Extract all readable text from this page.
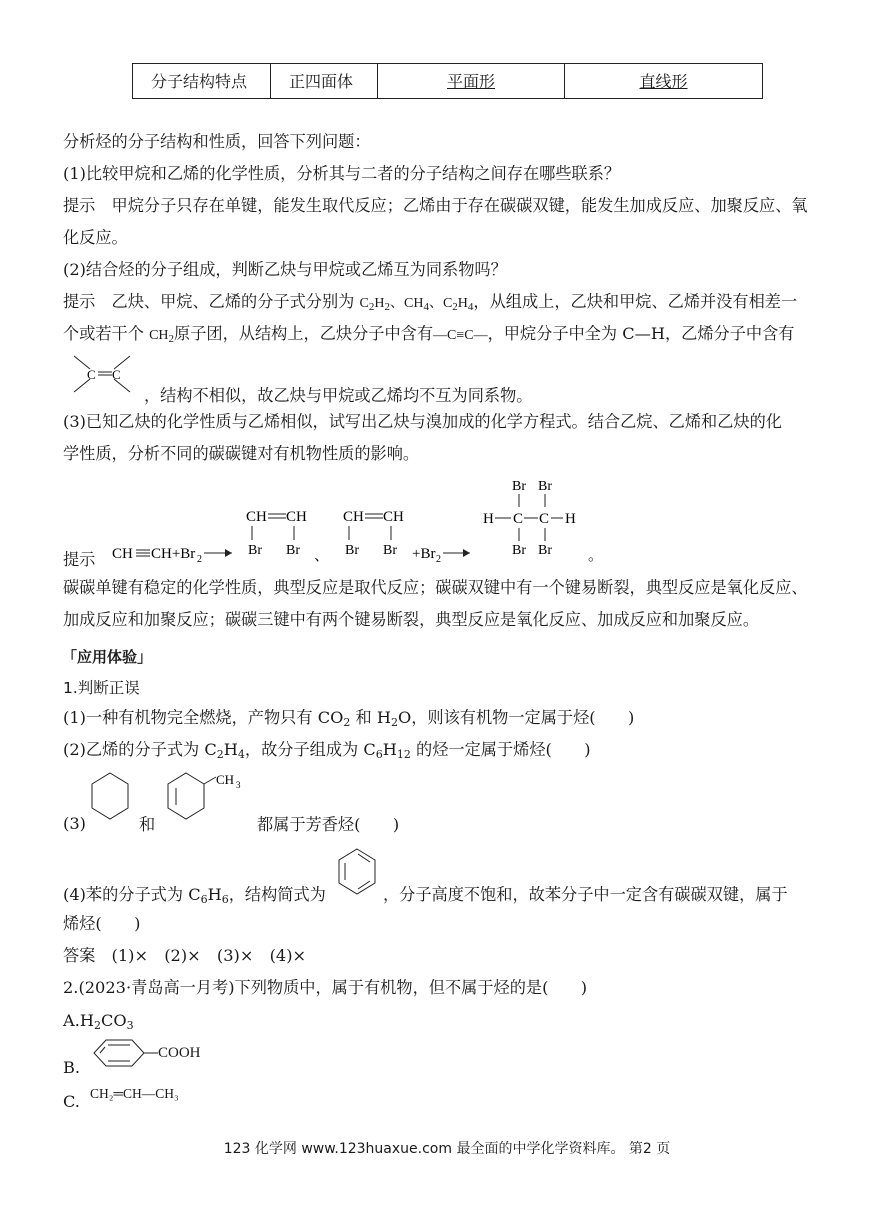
分子结构特点	正四面体	平面形	直线形
分析烃的分子结构和性质，回答下列问题：
(1)比较甲烷和乙烯的化学性质，分析其与二者的分子结构之间存在哪些联系？
提示　甲烷分子只存在单键，能发生取代反应；乙烯由于存在碳碳双键，能发生加成反应、加聚反应、氧
化反应。
(2)结合烃的分子组成，判断乙炔与甲烷或乙烯互为同系物吗？
提示　乙炔、甲烷、乙烯的分子式分别为 $C_2H_2$、$CH_4$、$C_2H_4$，从组成上，乙炔和甲烷、乙烯并没有相差一
个或若干个 $CH_2$原子团，从结构上，乙炔分子中含有—C≡C—，甲烷分子中全为 C—H，乙烯分子中含有
C C
，结构不相似，故乙炔与甲烷或乙烯均不互为同系物。
(3)已知乙炔的化学性质与乙烯相似，试写出乙炔与溴加成的化学方程式。结合乙烷、乙烯和乙炔的化
学性质，分析不同的碳碳键对有机物性质的影响。
提示 CH CH+Br 2
CH CH
Br Br 、
CH CH
Br Br +Br 2
Br Br
H C C H
Br Br 。
碳碳单键有稳定的化学性质，典型反应是取代反应；碳碳双键中有一个键易断裂，典型反应是氧化反应、
加成反应和加聚反应；碳碳三键中有两个键易断裂，典型反应是氧化反应、加成反应和加聚反应。
「应用体验」
1.判断正误
(1)一种有机物完全燃烧，产物只有 $CO_2$ 和 $H_2O$，则该有机物一定属于烃(　　)
(2)乙烯的分子式为 $C_2H_4$，故分子组成为 $C_6H_{12}$ 的烃一定属于烯烃(　　)
(3)	和
CH 3
都属于芳香烃(　　)
(4)苯的分子式为 $C_6H_6$，结构简式为	，分子高度不饱和，故苯分子中一定含有碳碳双键，属于
烯烃(　　)
答案　(1)×　(2)×　(3)×　(4)×
2.(2023·青岛高一月考)下列物质中，属于有机物，但不属于烃的是(　　)
$A.H_2CO_3$
B.
COOH
C. CH₂═CH—CH₃
123 化学网 www.123huaxue.com 最全面的中学化学资料库。 第2 页
